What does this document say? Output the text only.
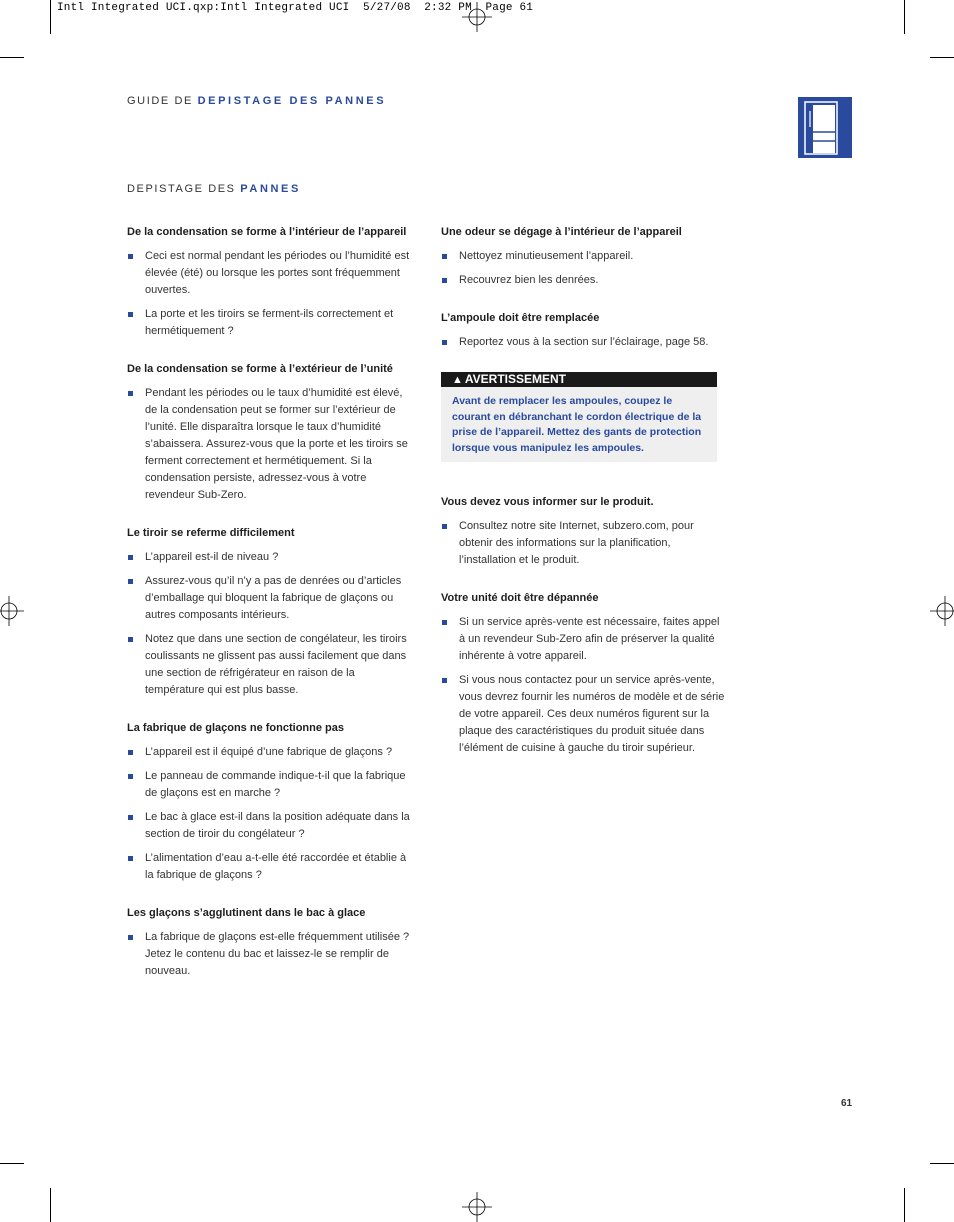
Intl Integrated UCI.qxp:Intl Integrated UCI  5/27/08  2:32 PM  Page 61
GUIDE DE DEPISTAGE DES PANNES
DEPISTAGE DES PANNES
De la condensation se forme à l’intérieur de l’appareil
Ceci est normal pendant les périodes ou l’humidité est élevée (été) ou lorsque les portes sont fréquemment ouvertes.
La porte et les tiroirs se ferment-ils correctement et hermétiquement ?
De la condensation se forme à l’extérieur de l’unité
Pendant les périodes ou le taux d’humidité est élevé, de la condensation peut se former sur l’extérieur de l’unité. Elle disparaîtra lorsque le taux d’humidité s’abaissera. Assurez-vous que la porte et les tiroirs se ferment correctement et hermétiquement. Si la condensation persiste, adressez-vous à votre revendeur Sub-Zero.
Le tiroir se referme difficilement
L’appareil est-il de niveau ?
Assurez-vous qu’il n’y a pas de denrées ou d’articles d’emballage qui bloquent la fabrique de glaçons ou autres composants intérieurs.
Notez que dans une section de congélateur, les tiroirs coulissants ne glissent pas aussi facilement que dans une section de réfrigérateur en raison de la température qui est plus basse.
La fabrique de glaçons ne fonctionne pas
L’appareil est il équipé d’une fabrique de glaçons ?
Le panneau de commande indique-t-il que la fabrique de glaçons est en marche ?
Le bac à glace est-il dans la position adéquate dans la section de tiroir du congélateur ?
L’alimentation d’eau a-t-elle été raccordée et établie à la fabrique de glaçons ?
Les glaçons s’agglutinent dans le bac à glace
La fabrique de glaçons est-elle fréquemment utilisée ? Jetez le contenu du bac et laissez-le se remplir de nouveau.
Une odeur se dégage à l’intérieur de l’appareil
Nettoyez minutieusement l’appareil.
Recouvrez bien les denrées.
L’ampoule doit être remplacée
Reportez vous à la section sur l’éclairage, page 58.
▲ AVERTISSEMENT
Avant de remplacer les ampoules, coupez le courant en débranchant le cordon électrique de la prise de l’appareil. Mettez des gants de protection lorsque vous manipulez les ampoules.
Vous devez vous informer sur le produit.
Consultez notre site Internet, subzero.com, pour obtenir des informations sur la planification, l’installation et le produit.
Votre unité doit être dépannée
Si un service après-vente est nécessaire, faites appel à un revendeur Sub-Zero afin de préserver la qualité inhérente à votre appareil.
Si vous nous contactez pour un service après-vente, vous devrez fournir les numéros de modèle et de série de votre appareil. Ces deux numéros figurent sur la plaque des caractéristiques du produit située dans l’élément de cuisine à gauche du tiroir supérieur.
61
